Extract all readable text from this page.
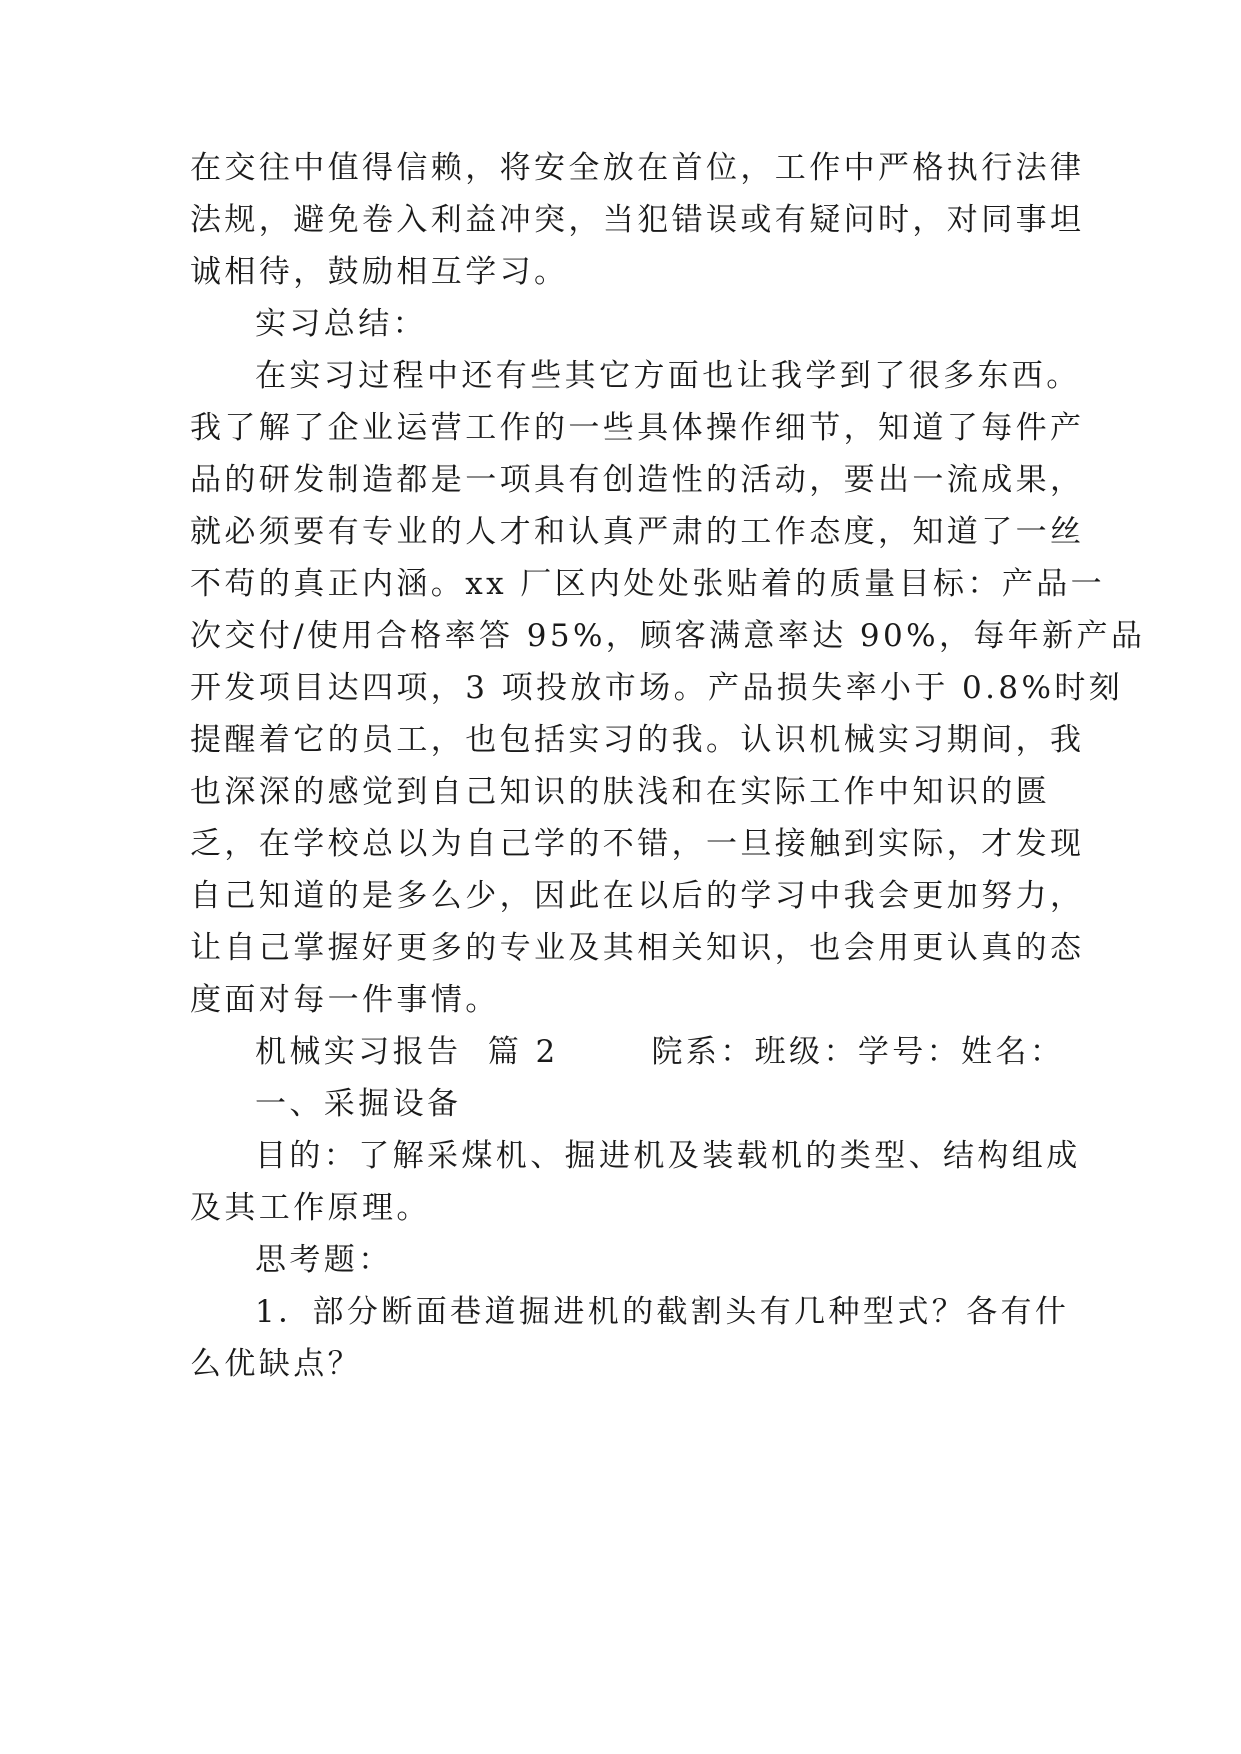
在交往中值得信赖，将安全放在首位，工作中严格执行法律
法规，避免卷入利益冲突，当犯错误或有疑问时，对同事坦
诚相待，鼓励相互学习。
实习总结：
在实习过程中还有些其它方面也让我学到了很多东西。
我了解了企业运营工作的一些具体操作细节，知道了每件产
品的研发制造都是一项具有创造性的活动，要出一流成果，
就必须要有专业的人才和认真严肃的工作态度，知道了一丝
不苟的真正内涵。xx 厂区内处处张贴着的质量目标：产品一
次交付/使用合格率答 95%，顾客满意率达 90%，每年新产品
开发项目达四项，3 项投放市场。产品损失率小于 0.8%时刻
提醒着它的员工，也包括实习的我。认识机械实习期间，我
也深深的感觉到自己知识的肤浅和在实际工作中知识的匮
乏，在学校总以为自己学的不错，一旦接触到实际，才发现
自己知道的是多么少，因此在以后的学习中我会更加努力，
让自己掌握好更多的专业及其相关知识，也会用更认真的态
度面对每一件事情。
机械实习报告  篇 2       院系：班级：学号：姓名：
一、采掘设备
目的：了解采煤机、掘进机及装载机的类型、结构组成
及其工作原理。
思考题：
1．部分断面巷道掘进机的截割头有几种型式？各有什
么优缺点？
